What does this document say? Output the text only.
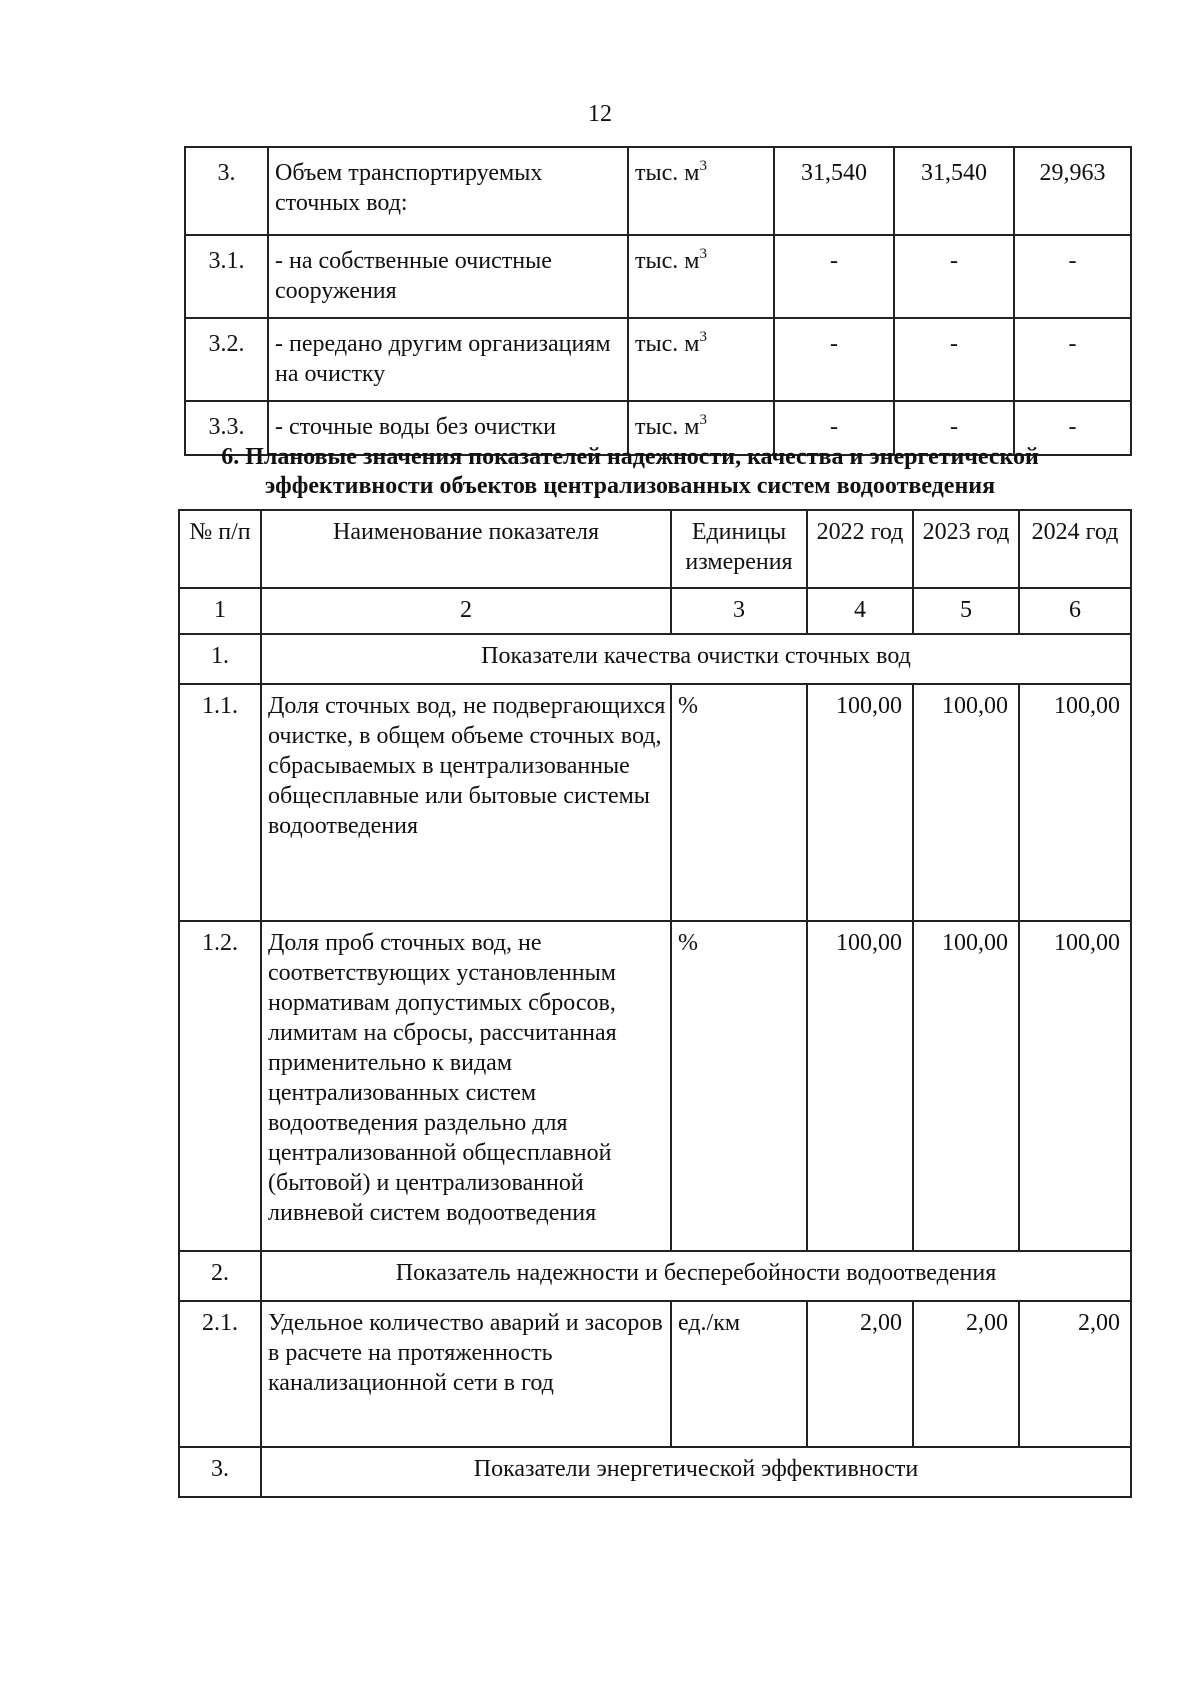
12
3.	Объем транспортируемых сточных вод:	тыс. $м^3$	31,540	31,540	29,963
3.1.	- на собственные очистные сооружения	тыс. $м^3$	-	-	-
3.2.	- передано другим организациям на очистку	тыс. $м^3$	-	-	-
3.3.	- сточные воды без очистки	тыс. $м^3$	-	-	-
6. Плановые значения показателей надежности, качества и энергетической эффективности объектов централизованных систем водоотведения
№ п/п	Наименование показателя	Единицы измерения	2022 год	2023 год	2024 год
1	2	3	4	5	6
1.	Показатели качества очистки сточных вод				
1.1.	Доля сточных вод, не подвергающихся очистке, в общем объеме сточных вод, сбрасываемых в централизованные общесплавные или бытовые системы водоотведения	%	100,00	100,00	100,00
1.2.	Доля проб сточных вод, не соответствующих установленным нормативам допустимых сбросов, лимитам на сбросы, рассчитанная применительно к видам централизованных систем водоотведения раздельно для централизованной общесплавной (бытовой) и централизованной ливневой систем водоотведения	%	100,00	100,00	100,00
2.	Показатель надежности и бесперебойности водоотведения				
2.1.	Удельное количество аварий и засоров в расчете на протяженность канализационной сети в год	ед./км	2,00	2,00	2,00
3.	Показатели энергетической эффективности				
